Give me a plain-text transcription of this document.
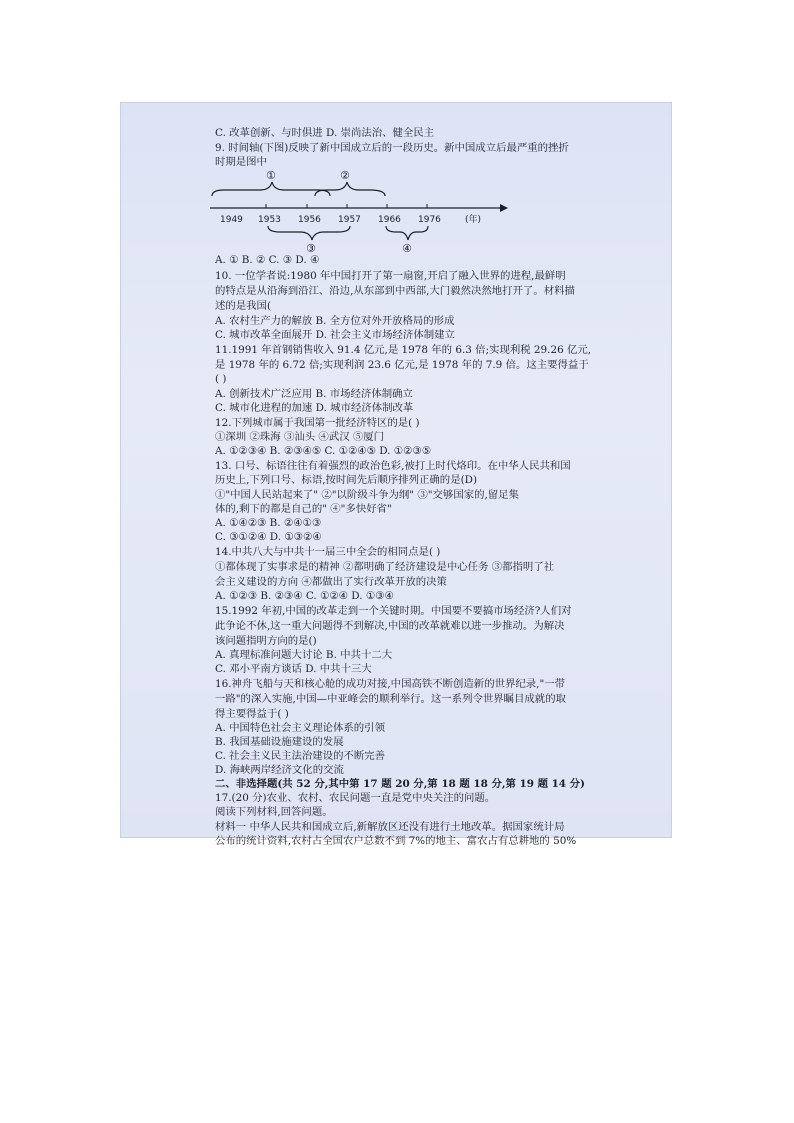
C. 改革创新、与时俱进 D. 崇尚法治、健全民主
9. 时间轴(下图)反映了新中国成立后的一段历史。新中国成立后最严重的挫折
时期是图中
①	②
1949 1953 1956 1957 1966 1976	(年)
③	④
A. ① B. ② C. ③ D. ④
10. 一位学者说:1980 年中国打开了第一扇窗,开启了融入世界的进程,最鲜明
的特点是从沿海到沿江、沿边,从东部到中西部,大门毅然决然地打开了。材料描
述的是我国(
A. 农村生产力的解放 B. 全方位对外开放格局的形成
C. 城市改革全面展开 D. 社会主义市场经济体制建立
11.1991 年首钢销售收入 91.4 亿元,是 1978 年的 6.3 倍;实现利税 29.26 亿元,
是 1978 年的 6.72 倍;实现利润 23.6 亿元,是 1978 年的 7.9 倍。这主要得益于
( )
A. 创新技术广泛应用 B. 市场经济体制确立
C. 城市化进程的加速 D. 城市经济体制改革
12.下列城市属于我国第一批经济特区的是( )
①深圳 ②珠海 ③汕头 ④武汉 ⑤厦门
A. ①②③④ B. ②③④⑤ C. ①②④⑤ D. ①②③⑤
13. 口号、标语往往有着强烈的政治色彩,被打上时代烙印。在中华人民共和国
历史上,下列口号、标语,按时间先后顺序排列正确的是(D)
①"中国人民站起来了" ②"以阶级斗争为纲" ③"交够国家的,留足集
体的,剩下的都是自己的" ④"多快好省"
A. ①④②③ B. ②④①③
C. ③①②④ D. ①③②④
14.中共八大与中共十一届三中全会的相同点是( )
①都体现了实事求是的精神 ②都明确了经济建设是中心任务 ③都指明了社
会主义建设的方向 ④都做出了实行改革开放的决策
A. ①②③ B. ②③④ C. ①②④ D. ①③④
15.1992 年初,中国的改革走到一个关键时期。中国要不要搞市场经济?人们对
此争论不休,这一重大问题得不到解决,中国的改革就难以进一步推动。为解决
该问题指明方向的是()
A. 真理标准问题大讨论 B. 中共十二大
C. 邓小平南方谈话 D. 中共十三大
16.神舟飞船与天和核心舱的成功对接,中国高铁不断创造新的世界纪录,"一带
一路"的深入实施,中国—中亚峰会的顺利举行。这一系列令世界瞩目成就的取
得主要得益于( )
A. 中国特色社会主义理论体系的引领
B. 我国基础设施建设的发展
C. 社会主义民主法治建设的不断完善
D. 海峡两岸经济文化的交流
二、非选择题(共 52 分,其中第 17 题 20 分,第 18 题 18 分,第 19 题 14 分)
17.(20 分)农业、农村、农民问题一直是党中央关注的问题。
阅读下列材料,回答问题。
材料一 中华人民共和国成立后,新解放区还没有进行土地改革。据国家统计局
公布的统计资料,农村占全国农户总数不到 7%的地主、富农占有总耕地的 50%
